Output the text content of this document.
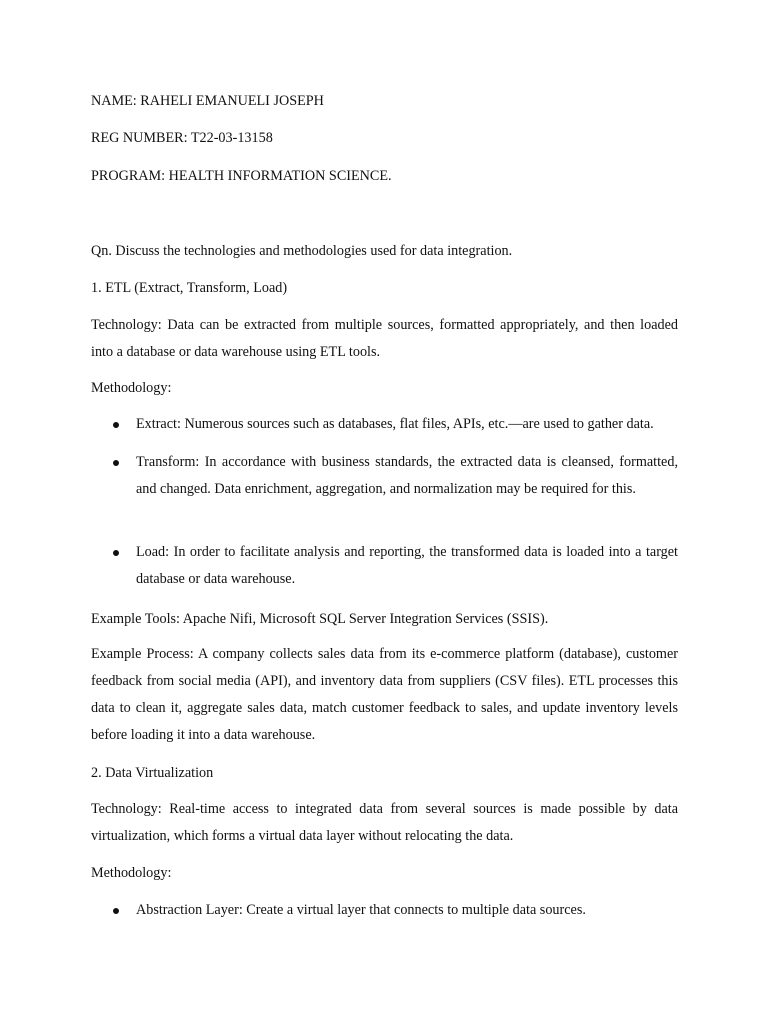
NAME: RAHELI EMANUELI JOSEPH
REG NUMBER: T22-03-13158
PROGRAM: HEALTH INFORMATION SCIENCE.
Qn. Discuss the technologies and methodologies used for data integration.
1. ETL (Extract, Transform, Load)
Technology: Data can be extracted from multiple sources, formatted appropriately, and then loaded into a database or data warehouse using ETL tools.
Methodology:
Extract: Numerous sources such as databases, flat files, APIs, etc.—are used to gather data.
Transform: In accordance with business standards, the extracted data is cleansed, formatted, and changed. Data enrichment, aggregation, and normalization may be required for this.
Load: In order to facilitate analysis and reporting, the transformed data is loaded into a target database or data warehouse.
Example Tools: Apache Nifi, Microsoft SQL Server Integration Services (SSIS).
Example Process: A company collects sales data from its e-commerce platform (database), customer feedback from social media (API), and inventory data from suppliers (CSV files). ETL processes this data to clean it, aggregate sales data, match customer feedback to sales, and update inventory levels before loading it into a data warehouse.
2. Data Virtualization
Technology: Real-time access to integrated data from several sources is made possible by data virtualization, which forms a virtual data layer without relocating the data.
Methodology:
Abstraction Layer: Create a virtual layer that connects to multiple data sources.
